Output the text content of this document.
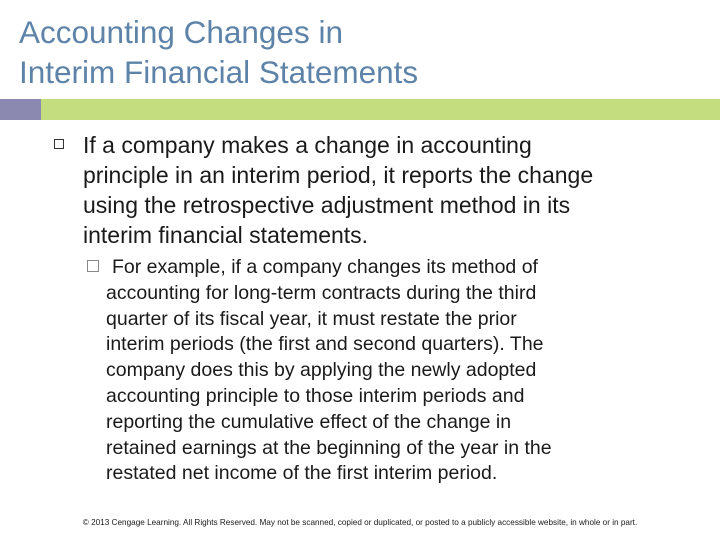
Accounting Changes in
Interim Financial Statements
If a company makes a change in accounting
principle in an interim period, it reports the change
using the retrospective adjustment method in its
interim financial statements.
For example, if a company changes its method of
accounting for long-term contracts during the third
quarter of its fiscal year, it must restate the prior
interim periods (the first and second quarters). The
company does this by applying the newly adopted
accounting principle to those interim periods and
reporting the cumulative effect of the change in
retained earnings at the beginning of the year in the
restated net income of the first interim period.
© 2013 Cengage Learning. All Rights Reserved. May not be scanned, copied or duplicated, or posted to a publicly accessible website, in whole or in part.
